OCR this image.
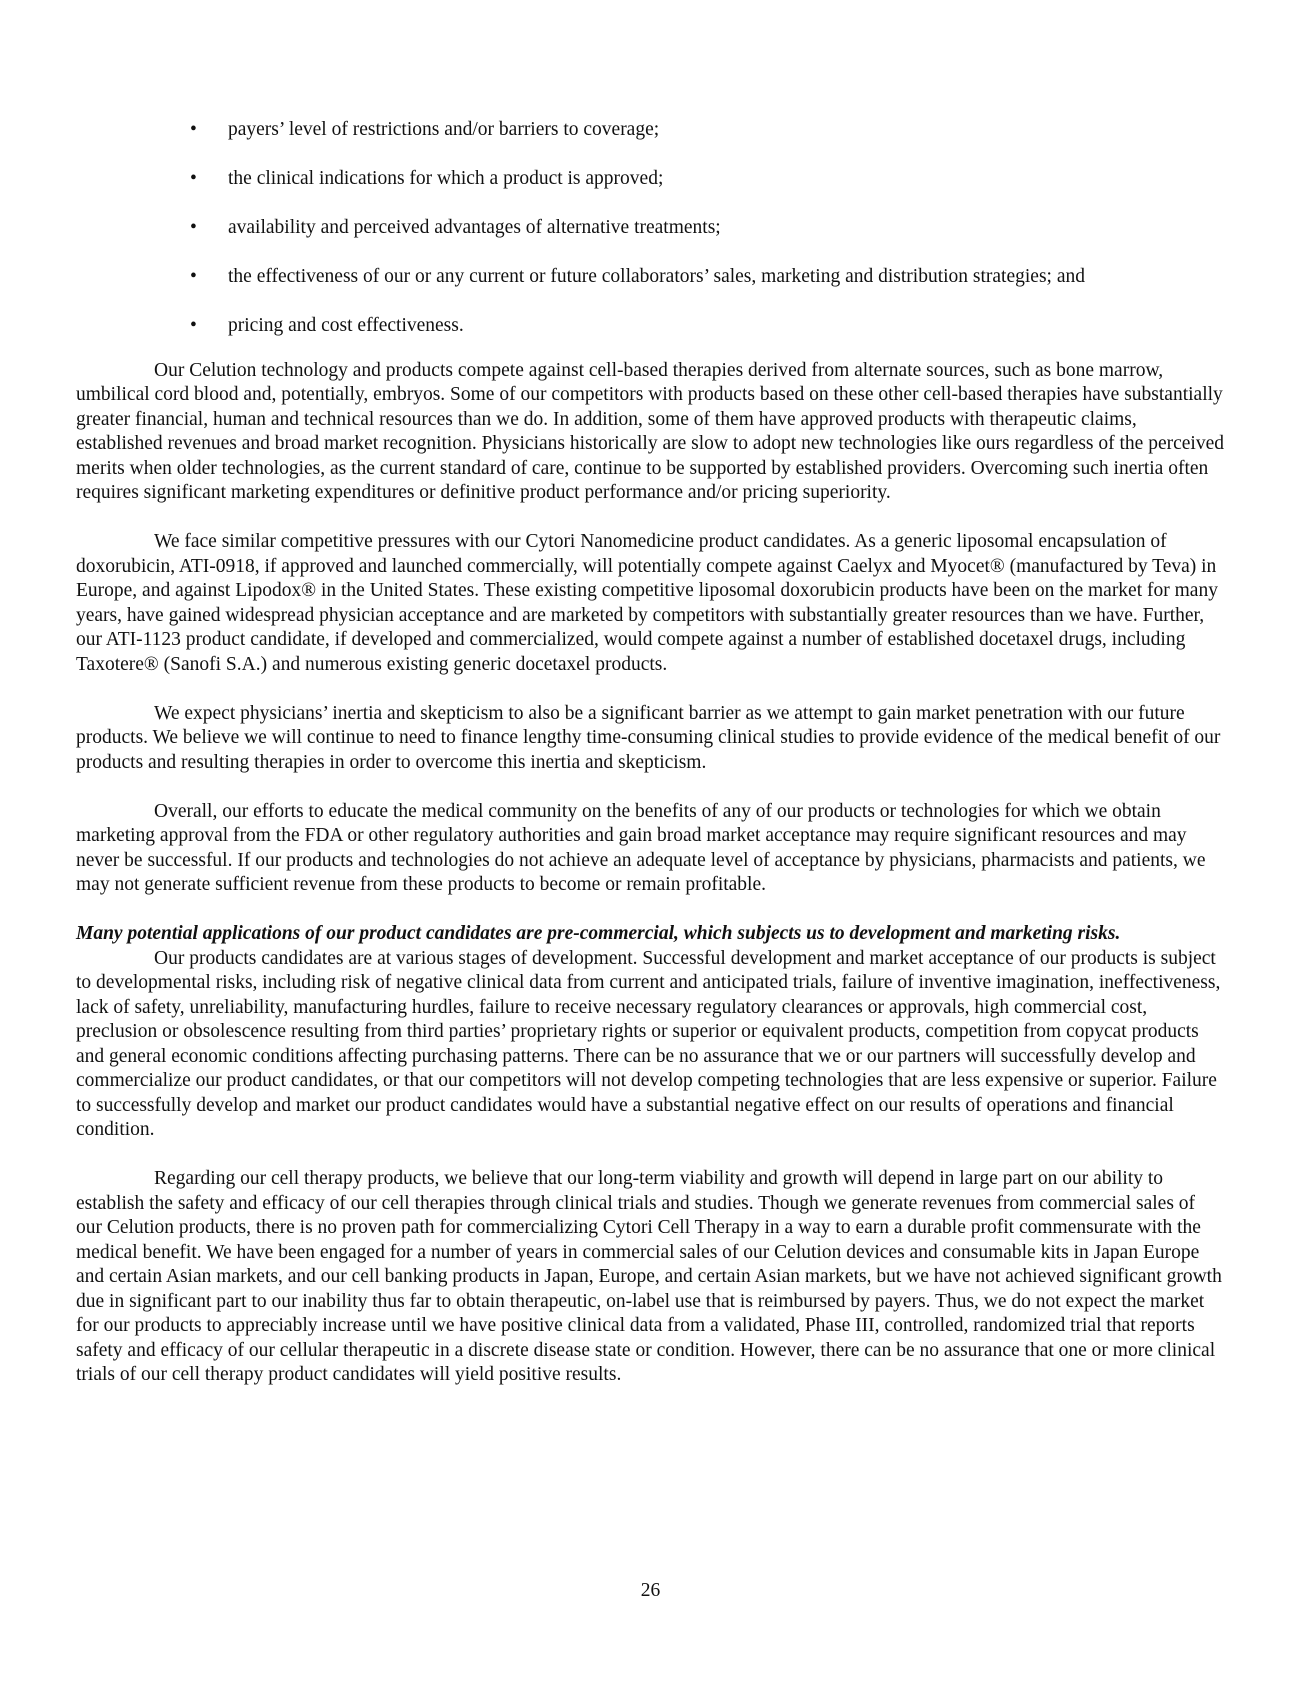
• payers’ level of restrictions and/or barriers to coverage;
• the clinical indications for which a product is approved;
• availability and perceived advantages of alternative treatments;
• the effectiveness of our or any current or future collaborators’ sales, marketing and distribution strategies; and
• pricing and cost effectiveness.

Our Celution technology and products compete against cell-based therapies derived from alternate sources, such as bone marrow, umbilical cord blood and, potentially, embryos. Some of our competitors with products based on these other cell-based therapies have substantially greater financial, human and technical resources than we do. In addition, some of them have approved products with therapeutic claims, established revenues and broad market recognition. Physicians historically are slow to adopt new technologies like ours regardless of the perceived merits when older technologies, as the current standard of care, continue to be supported by established providers. Overcoming such inertia often requires significant marketing expenditures or definitive product performance and/or pricing superiority.

We face similar competitive pressures with our Cytori Nanomedicine product candidates. As a generic liposomal encapsulation of doxorubicin, ATI-0918, if approved and launched commercially, will potentially compete against Caelyx and Myocet® (manufactured by Teva) in Europe, and against Lipodox® in the United States. These existing competitive liposomal doxorubicin products have been on the market for many years, have gained widespread physician acceptance and are marketed by competitors with substantially greater resources than we have. Further, our ATI-1123 product candidate, if developed and commercialized, would compete against a number of established docetaxel drugs, including Taxotere® (Sanofi S.A.) and numerous existing generic docetaxel products.

We expect physicians’ inertia and skepticism to also be a significant barrier as we attempt to gain market penetration with our future products. We believe we will continue to need to finance lengthy time-consuming clinical studies to provide evidence of the medical benefit of our products and resulting therapies in order to overcome this inertia and skepticism.

Overall, our efforts to educate the medical community on the benefits of any of our products or technologies for which we obtain marketing approval from the FDA or other regulatory authorities and gain broad market acceptance may require significant resources and may never be successful. If our products and technologies do not achieve an adequate level of acceptance by physicians, pharmacists and patients, we may not generate sufficient revenue from these products to become or remain profitable.

Many potential applications of our product candidates are pre-commercial, which subjects us to development and marketing risks.

Our products candidates are at various stages of development. Successful development and market acceptance of our products is subject to developmental risks, including risk of negative clinical data from current and anticipated trials, failure of inventive imagination, ineffectiveness, lack of safety, unreliability, manufacturing hurdles, failure to receive necessary regulatory clearances or approvals, high commercial cost, preclusion or obsolescence resulting from third parties’ proprietary rights or superior or equivalent products, competition from copycat products and general economic conditions affecting purchasing patterns. There can be no assurance that we or our partners will successfully develop and commercialize our product candidates, or that our competitors will not develop competing technologies that are less expensive or superior. Failure to successfully develop and market our product candidates would have a substantial negative effect on our results of operations and financial condition.

Regarding our cell therapy products, we believe that our long-term viability and growth will depend in large part on our ability to establish the safety and efficacy of our cell therapies through clinical trials and studies. Though we generate revenues from commercial sales of our Celution products, there is no proven path for commercializing Cytori Cell Therapy in a way to earn a durable profit commensurate with the medical benefit. We have been engaged for a number of years in commercial sales of our Celution devices and consumable kits in Japan Europe and certain Asian markets, and our cell banking products in Japan, Europe, and certain Asian markets, but we have not achieved significant growth due in significant part to our inability thus far to obtain therapeutic, on-label use that is reimbursed by payers. Thus, we do not expect the market for our products to appreciably increase until we have positive clinical data from a validated, Phase III, controlled, randomized trial that reports safety and efficacy of our cellular therapeutic in a discrete disease state or condition. However, there can be no assurance that one or more clinical trials of our cell therapy product candidates will yield positive results.

26
